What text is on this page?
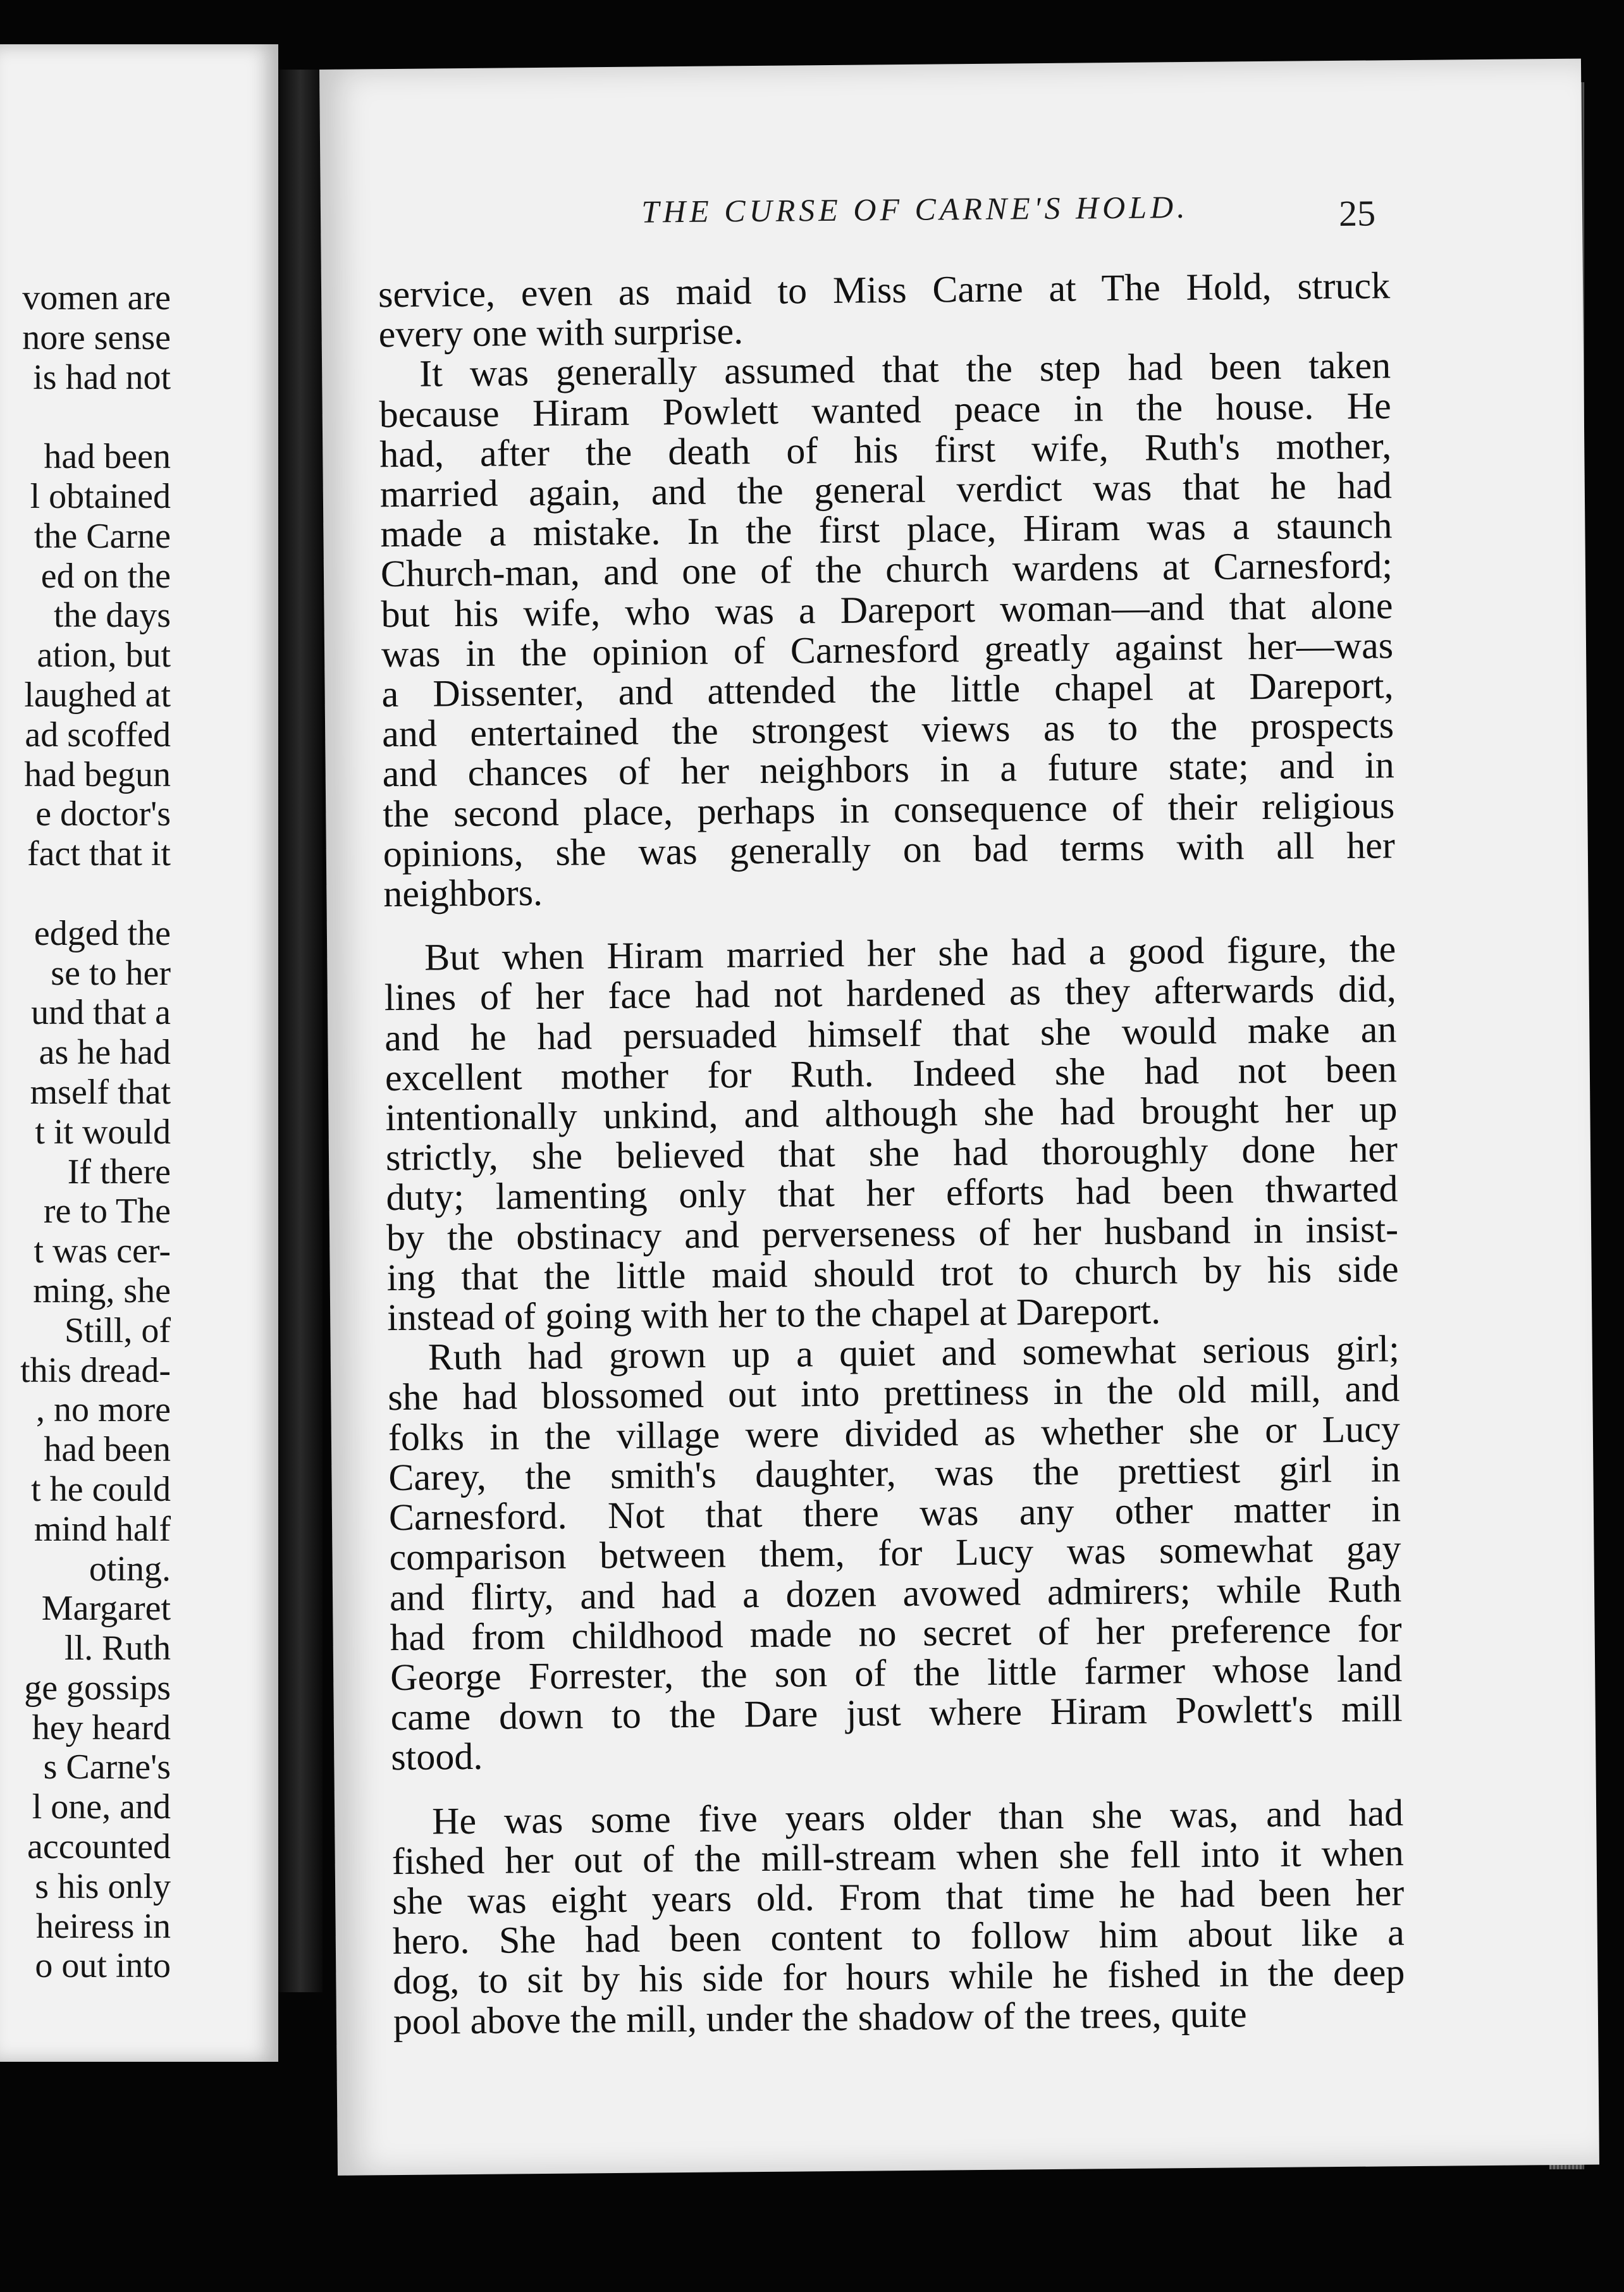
vomen are
nore sense
is had not

had been
l obtained
the Carne
ed on the
the days
ation, but
laughed at
ad scoffed
had begun
e doctor's
fact that it

edged the
se to her
und that a
as he had
mself that
t it would
If there
re to The
t was cer-
ming, she
Still, of
this dread-
, no more
had been
t he could
mind half
oting.
Margaret
ll. Ruth
ge gossips
hey heard
s Carne's
l one, and
accounted
s his only
heiress in
o out into
THE CURSE OF CARNE'S HOLD.	25

service, even as maid to Miss Carne at The Hold, struck
every one with surprise.

It was generally assumed that the step had been taken
because Hiram Powlett wanted peace in the house. He
had, after the death of his first wife, Ruth's mother,
married again, and the general verdict was that he had
made a mistake. In the first place, Hiram was a staunch
Church-man, and one of the church wardens at Carnesford;
but his wife, who was a Dareport woman—and that alone
was in the opinion of Carnesford greatly against her—was
a Dissenter, and attended the little chapel at Dareport,
and entertained the strongest views as to the prospects
and chances of her neighbors in a future state; and in
the second place, perhaps in consequence of their religious
opinions, she was generally on bad terms with all her
neighbors.

But when Hiram married her she had a good figure, the
lines of her face had not hardened as they afterwards did,
and he had persuaded himself that she would make an
excellent mother for Ruth. Indeed she had not been
intentionally unkind, and although she had brought her up
strictly, she believed that she had thoroughly done her
duty; lamenting only that her efforts had been thwarted
by the obstinacy and perverseness of her husband in insist-
ing that the little maid should trot to church by his side
instead of going with her to the chapel at Dareport.

Ruth had grown up a quiet and somewhat serious girl;
she had blossomed out into prettiness in the old mill, and
folks in the village were divided as whether she or Lucy
Carey, the smith's daughter, was the prettiest girl in
Carnesford. Not that there was any other matter in
comparison between them, for Lucy was somewhat gay
and flirty, and had a dozen avowed admirers; while Ruth
had from childhood made no secret of her preference for
George Forrester, the son of the little farmer whose land
came down to the Dare just where Hiram Powlett's mill
stood.

He was some five years older than she was, and had
fished her out of the mill-stream when she fell into it when
she was eight years old. From that time he had been her
hero. She had been content to follow him about like a
dog, to sit by his side for hours while he fished in the deep
pool above the mill, under the shadow of the trees, quite
